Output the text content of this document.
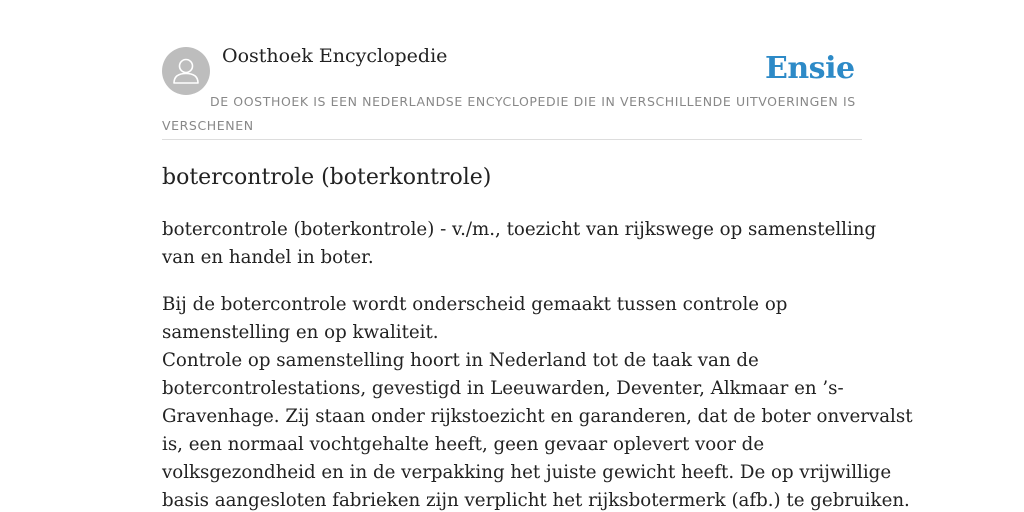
Oosthoek Encyclopedie	Ensie

DE OOSTHOEK IS EEN NEDERLANDSE ENCYCLOPEDIE DIE IN VERSCHILLENDE UITVOERINGEN IS VERSCHENEN

botercontrole (boterkontrole)

botercontrole (boterkontrole) - v./m., toezicht van rijkswege op samenstelling
van en handel in boter.

Bij de botercontrole wordt onderscheid gemaakt tussen controle op
samenstelling en op kwaliteit.
Controle op samenstelling hoort in Nederland tot de taak van de
botercontrolestations, gevestigd in Leeuwarden, Deventer, Alkmaar en ’s-
Gravenhage. Zij staan onder rijkstoezicht en garanderen, dat de boter onvervalst
is, een normaal vochtgehalte heeft, geen gevaar oplevert voor de
volksgezondheid en in de verpakking het juiste gewicht heeft. De op vrijwillige
basis aangesloten fabrieken zijn verplicht het rijksbotermerk (afb.) te gebruiken.
